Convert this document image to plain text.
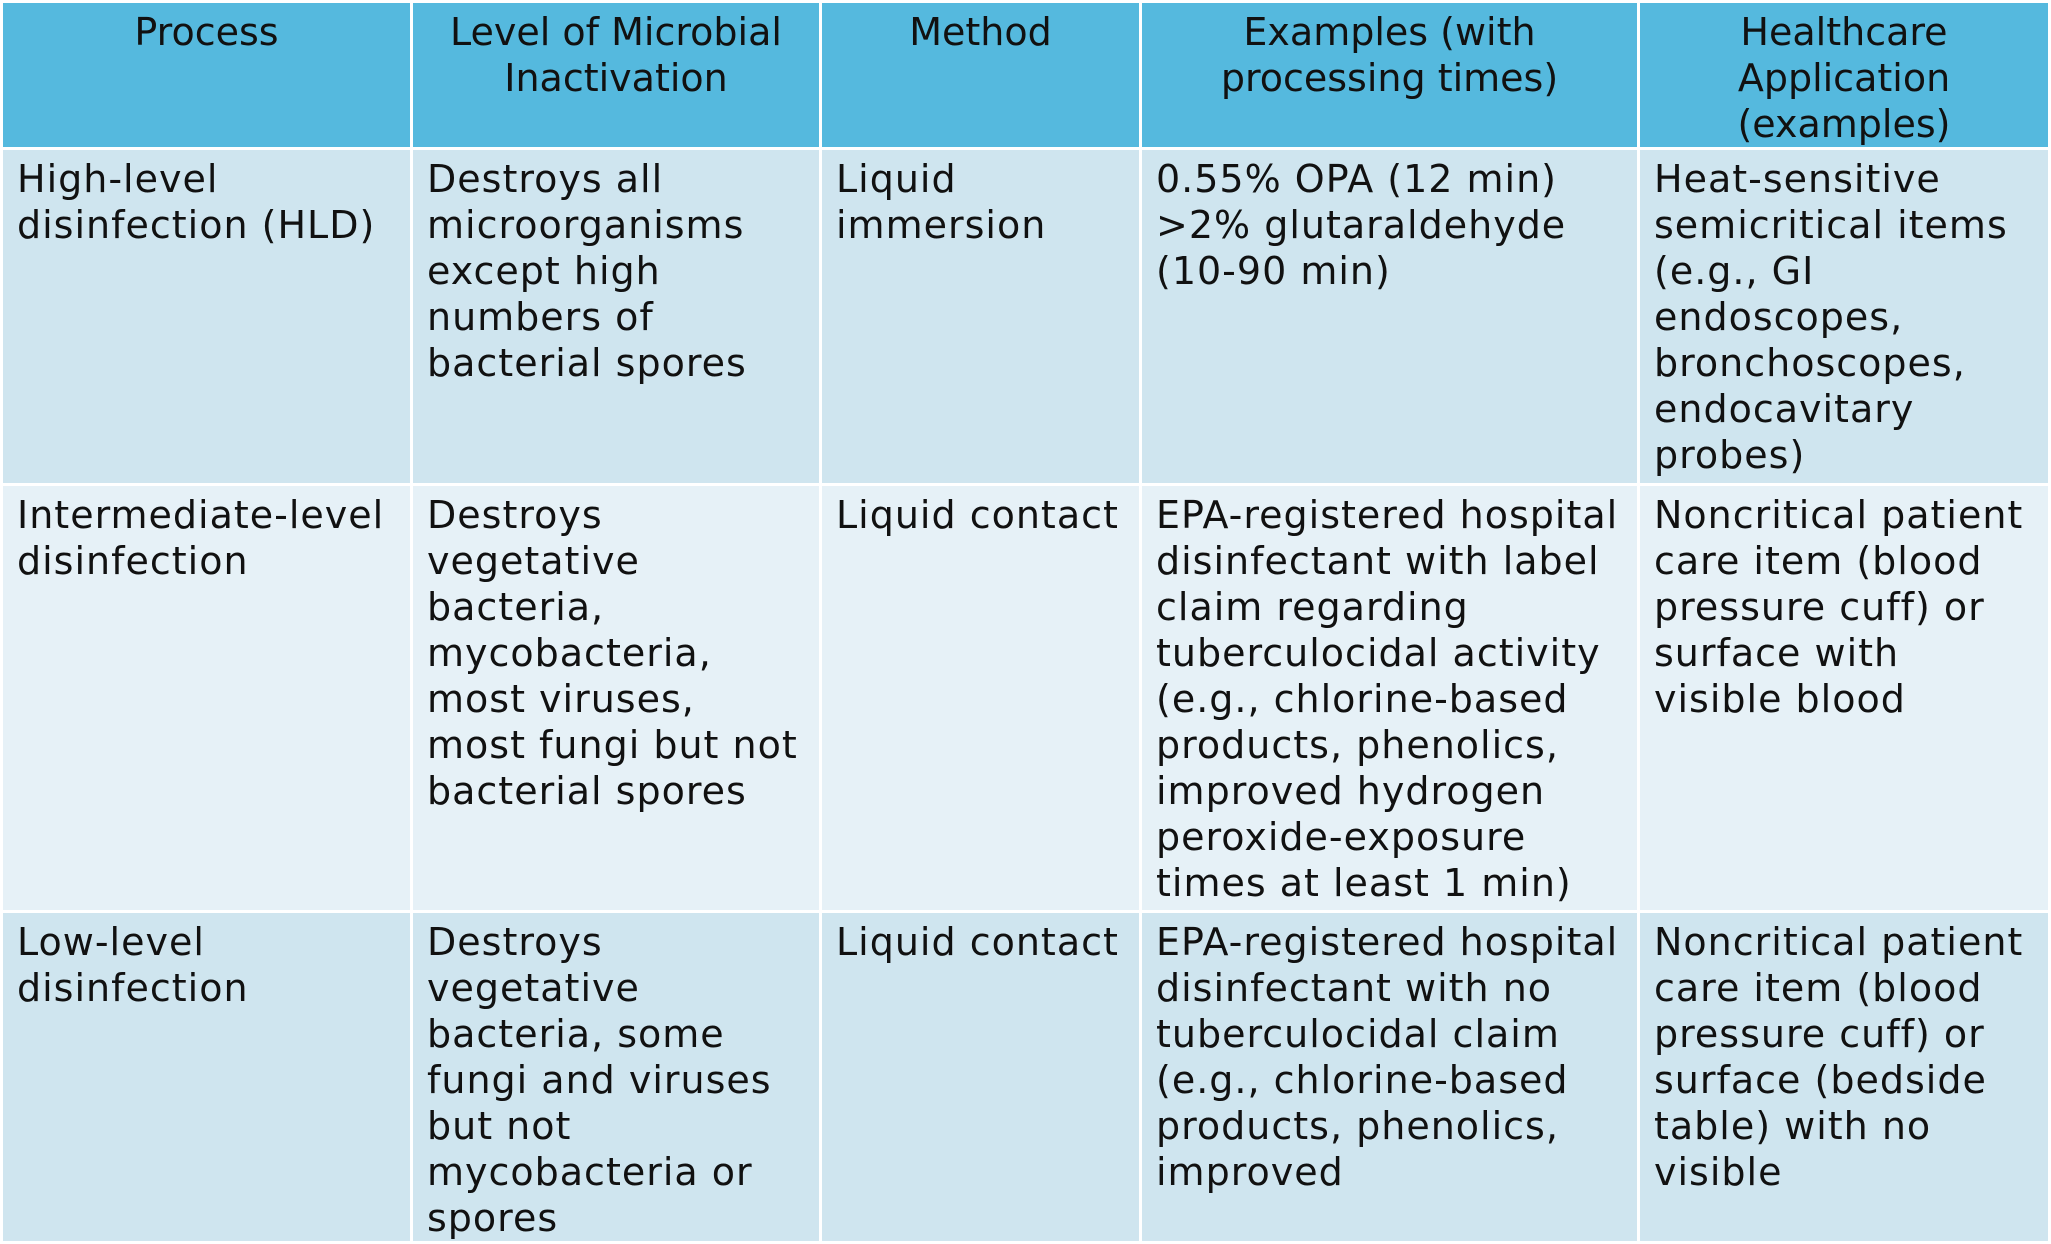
Process	Level of Microbial Inactivation	Method	Examples (with processing times)	Healthcare Application (examples)
High-level disinfection (HLD)	Destroys all microorganisms except high numbers of bacterial spores	Liquid immersion	0.55% OPA (12 min) >2% glutaraldehyde (10-90 min)	Heat-sensitive semicritical items (e.g., GI endoscopes, bronchoscopes, endocavitary probes)
Intermediate-level disinfection	Destroys vegetative bacteria, mycobacteria, most viruses, most fungi but not bacterial spores	Liquid contact	EPA-registered hospital disinfectant with label claim regarding tuberculocidal activity (e.g., chlorine-based products, phenolics, improved hydrogen peroxide-exposure times at least 1 min)	Noncritical patient care item (blood pressure cuff) or surface with visible blood
Low-level disinfection	Destroys vegetative bacteria, some fungi and viruses but not mycobacteria or spores	Liquid contact	EPA-registered hospital disinfectant with no tuberculocidal claim (e.g., chlorine-based products, phenolics, improved	Noncritical patient care item (blood pressure cuff) or surface (bedside table) with no visible
